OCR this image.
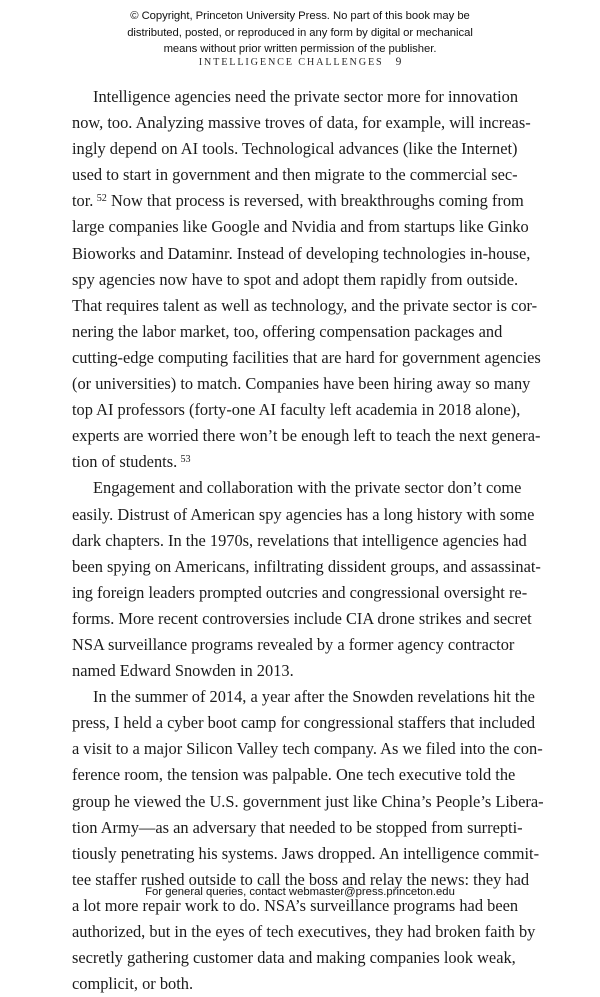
© Copyright, Princeton University Press. No part of this book may be
distributed, posted, or reproduced in any form by digital or mechanical
means without prior written permission of the publisher.
INTELLIGENCE CHALLENGES 9

Intelligence agencies need the private sector more for innovation
now, too. Analyzing massive troves of data, for example, will increas-
ingly depend on AI tools. Technological advances (like the Internet)
used to start in government and then migrate to the commercial sec-
tor. $^{52}$ Now that process is reversed, with breakthroughs coming from
large companies like Google and Nvidia and from startups like Ginko
Bioworks and Dataminr. Instead of developing technologies in-house,
spy agencies now have to spot and adopt them rapidly from outside.
That requires talent as well as technology, and the private sector is cor-
nering the labor market, too, offering compensation packages and
cutting-edge computing facilities that are hard for government agencies
(or universities) to match. Companies have been hiring away so many
top AI professors (forty-one AI faculty left academia in 2018 alone),
experts are worried there won’t be enough left to teach the next genera-
tion of students. $^{53}$

Engagement and collaboration with the private sector don’t come
easily. Distrust of American spy agencies has a long history with some
dark chapters. In the 1970s, revelations that intelligence agencies had
been spying on Americans, infiltrating dissident groups, and assassinat-
ing foreign leaders prompted outcries and congressional oversight re-
forms. More recent controversies include CIA drone strikes and secret
NSA surveillance programs revealed by a former agency contractor
named Edward Snowden in 2013.

In the summer of 2014, a year after the Snowden revelations hit the
press, I held a cyber boot camp for congressional staffers that included
a visit to a major Silicon Valley tech company. As we filed into the con-
ference room, the tension was palpable. One tech executive told the
group he viewed the U.S. government just like China’s People’s Libera-
tion Army—as an adversary that needed to be stopped from surrepti-
tiously penetrating his systems. Jaws dropped. An intelligence commit-
tee staffer rushed outside to call the boss and relay the news: they had
a lot more repair work to do. NSA’s surveillance programs had been
authorized, but in the eyes of tech executives, they had broken faith by
secretly gathering customer data and making companies look weak,
complicit, or both.

For general queries, contact webmaster@press.princeton.edu
